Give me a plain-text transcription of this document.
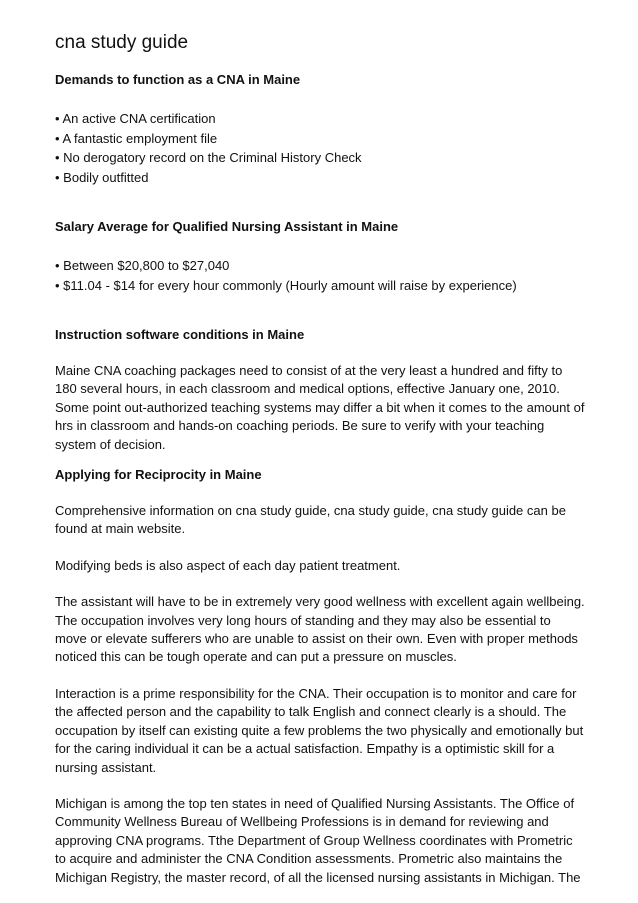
cna study guide
Demands to function as a CNA in Maine
• An active CNA certification
• A fantastic employment file
• No derogatory record on the Criminal History Check
• Bodily outfitted
Salary Average for Qualified Nursing Assistant in Maine
• Between $20,800 to $27,040
• $11.04 - $14 for every hour commonly (Hourly amount will raise by experience)
Instruction software conditions in Maine

Maine CNA coaching packages need to consist of at the very least a hundred and fifty to 180 several hours, in each classroom and medical options, effective January one, 2010. Some point out-authorized teaching systems may differ a bit when it comes to the amount of hrs in classroom and hands-on coaching periods. Be sure to verify with your teaching system of decision.

Applying for Reciprocity in Maine

Comprehensive information on cna study guide, cna study guide, cna study guide can be found at main website.

Modifying beds is also aspect of each day patient treatment.

The assistant will have to be in extremely very good wellness with excellent again wellbeing. The occupation involves very long hours of standing and they may also be essential to move or elevate sufferers who are unable to assist on their own. Even with proper methods noticed this can be tough operate and can put a pressure on muscles.

Interaction is a prime responsibility for the CNA. Their occupation is to monitor and care for the affected person and the capability to talk English and connect clearly is a should. The occupation by itself can existing quite a few problems the two physically and emotionally but for the caring individual it can be a actual satisfaction. Empathy is a optimistic skill for a nursing assistant.

Michigan is among the top ten states in need of Qualified Nursing Assistants. The Office of Community Wellness Bureau of Wellbeing Professions is in demand for reviewing and approving CNA programs. Tthe Department of Group Wellness coordinates with Prometric to acquire and administer the CNA Condition assessments. Prometric also maintains the Michigan Registry, the master record, of all the licensed nursing assistants in Michigan. The
